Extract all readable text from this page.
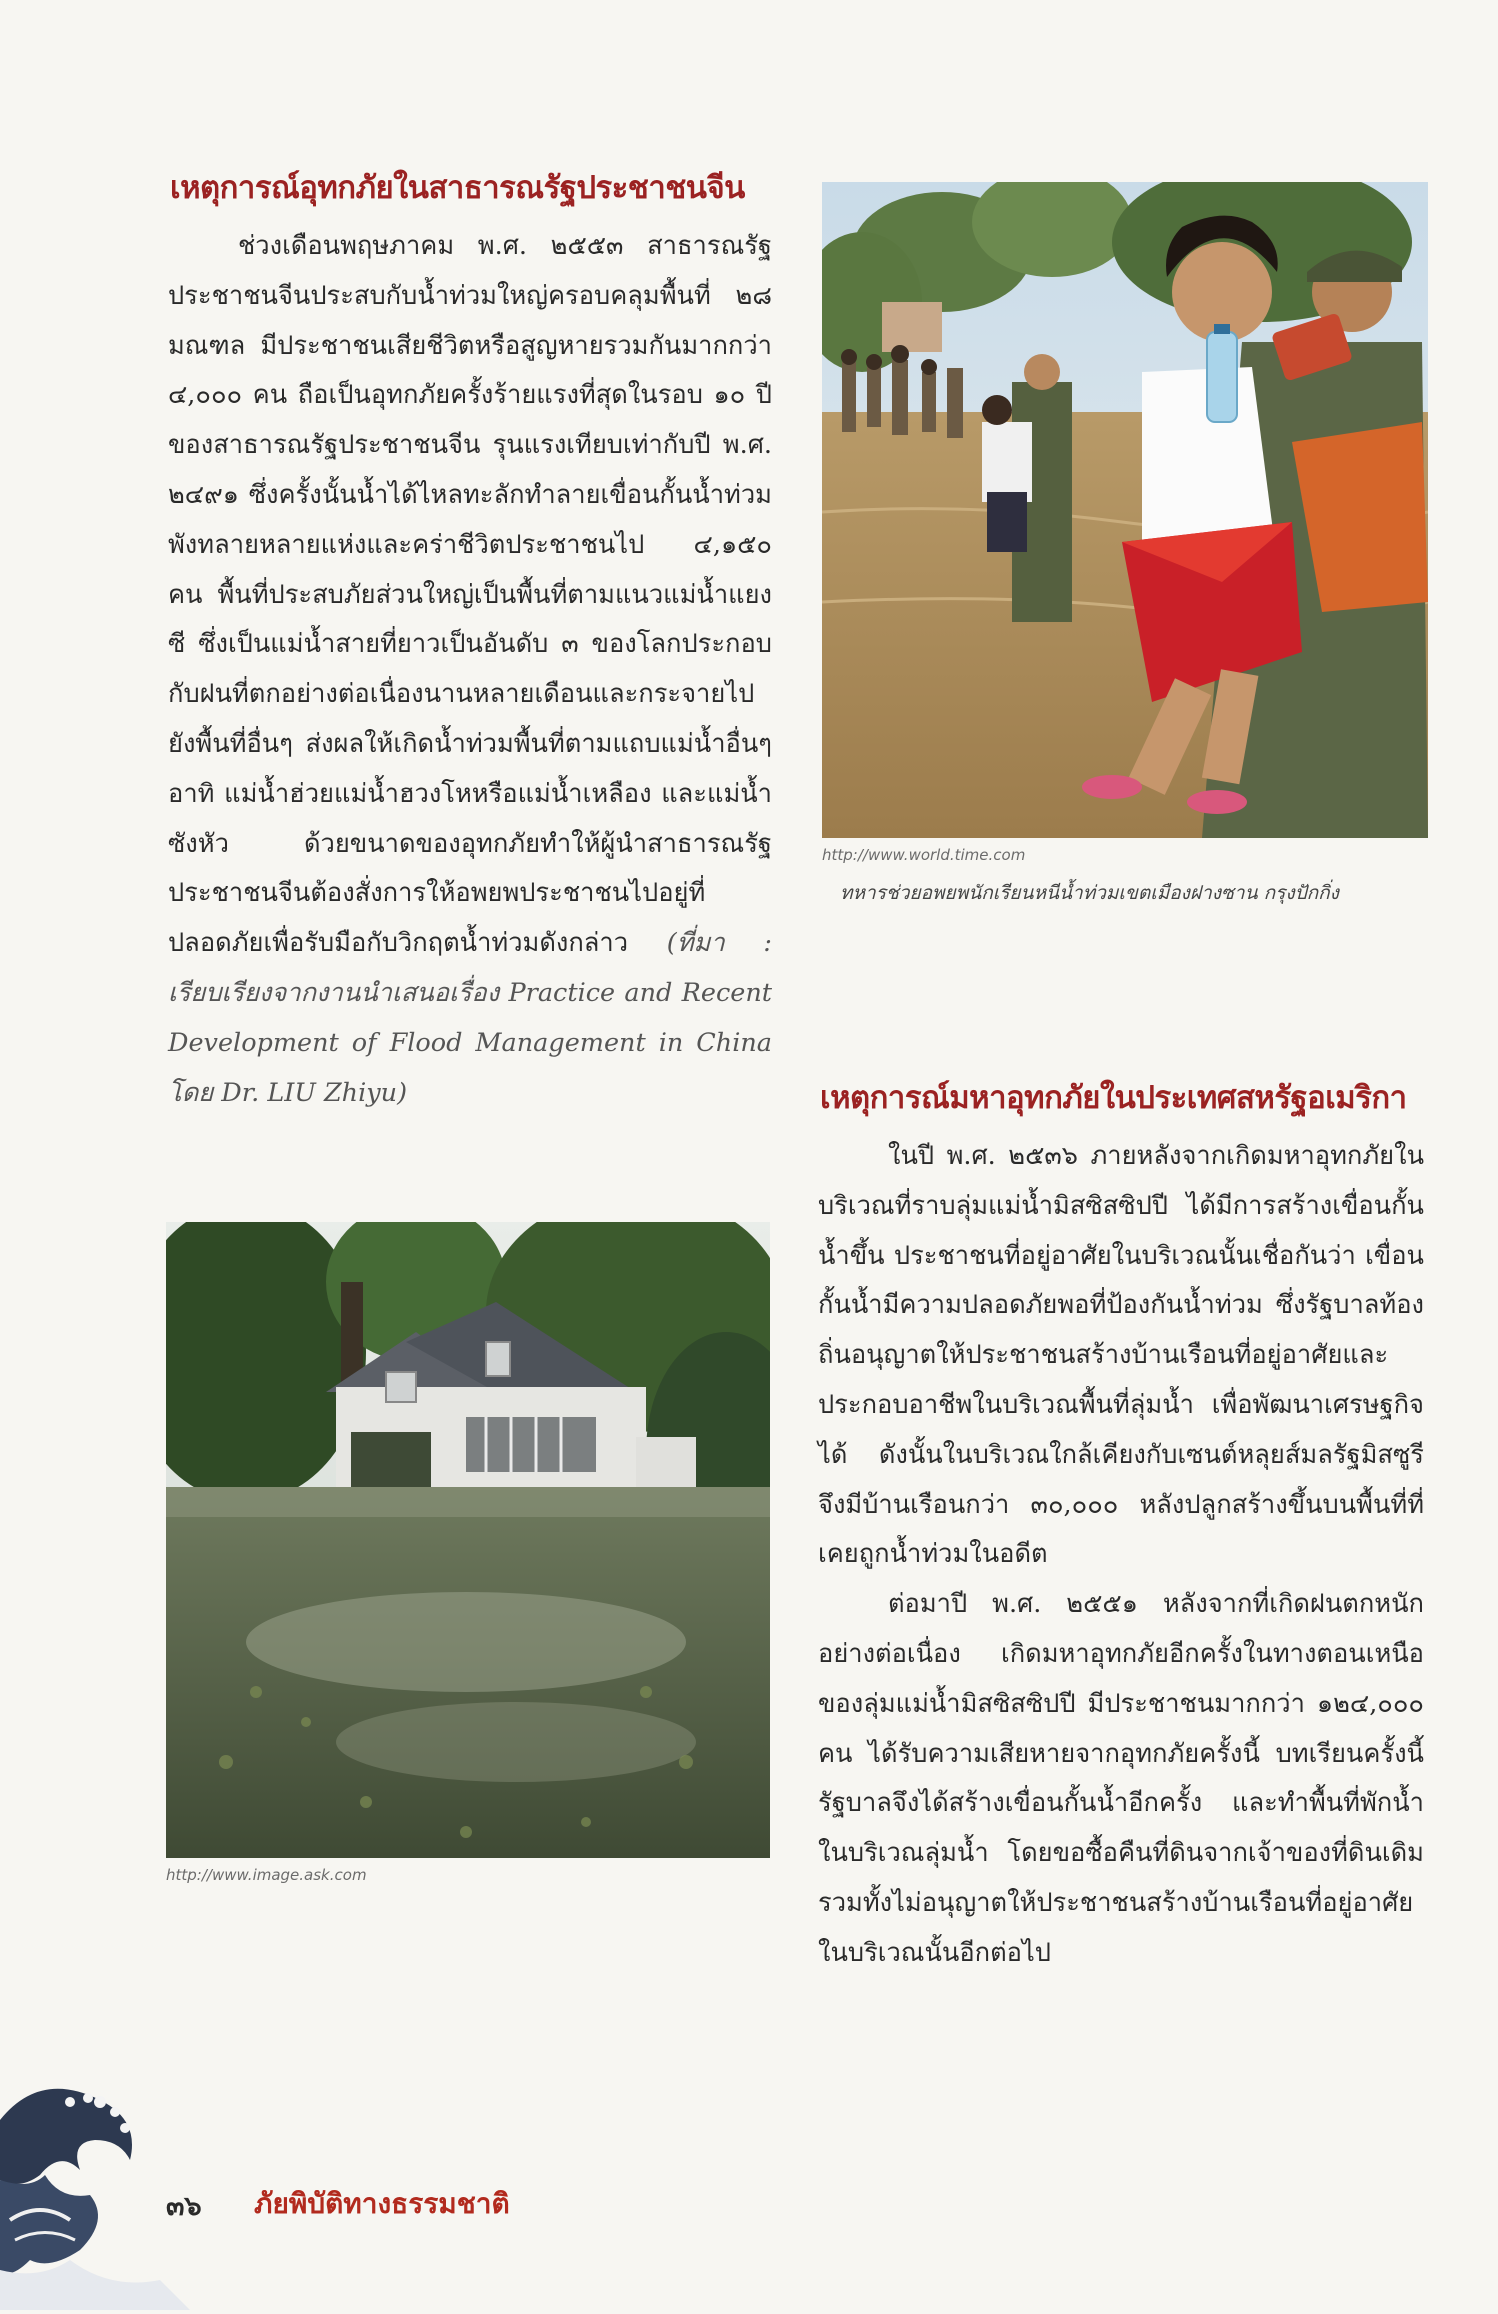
เหตุการณ์อุทกภัยในสาธารณรัฐประชาชนจีน

ช่วงเดือนพฤษภาคม พ.ศ. ๒๕๕๓ สาธารณรัฐประชาชนจีนประสบกับน้ำท่วมใหญ่ครอบคลุมพื้นที่ ๒๘ มณฑล มีประชาชนเสียชีวิตหรือสูญหายรวมกันมากกว่า ๔,๐๐๐ คน ถือเป็นอุทกภัยครั้งร้ายแรงที่สุดในรอบ ๑๐ ปี ของสาธารณรัฐประชาชนจีน รุนแรงเทียบเท่ากับปี พ.ศ. ๒๔๙๑ ซึ่งครั้งนั้นน้ำได้ไหลทะลักทำลายเขื่อนกั้นน้ำท่วมพังทลายหลายแห่งและคร่าชีวิตประชาชนไป ๔,๑๕๐ คน พื้นที่ประสบภัยส่วนใหญ่เป็นพื้นที่ตามแนวแม่น้ำแยงซี ซึ่งเป็นแม่น้ำสายที่ยาวเป็นอันดับ ๓ ของโลกประกอบกับฝนที่ตกอย่างต่อเนื่องนานหลายเดือนและกระจายไปยังพื้นที่อื่นๆ ส่งผลให้เกิดน้ำท่วมพื้นที่ตามแถบแม่น้ำอื่นๆ อาทิ แม่น้ำฮ่วยแม่น้ำฮวงโหหรือแม่น้ำเหลือง และแม่น้ำซังหัว ด้วยขนาดของอุทกภัยทำให้ผู้นำสาธารณรัฐประชาชนจีนต้องสั่งการให้อพยพประชาชนไปอยู่ที่ปลอดภัยเพื่อรับมือกับวิกฤตน้ำท่วมดังกล่าว (ที่มา : เรียบเรียงจากงานนำเสนอเรื่อง Practice and Recent Development of Flood Management in China โดย Dr. LIU Zhiyu)

http://www.world.time.com
ทหารช่วยอพยพนักเรียนหนีน้ำท่วมเขตเมืองฝางซาน กรุงปักกิ่ง
http://www.image.ask.com
เหตุการณ์มหาอุทกภัยในประเทศสหรัฐอเมริกา

ในปี พ.ศ. ๒๕๓๖ ภายหลังจากเกิดมหาอุทกภัยในบริเวณที่ราบลุ่มแม่น้ำมิสซิสซิปปี ได้มีการสร้างเขื่อนกั้นน้ำขึ้น ประชาชนที่อยู่อาศัยในบริเวณนั้นเชื่อกันว่า เขื่อนกั้นน้ำมีความปลอดภัยพอที่ป้องกันน้ำท่วม ซึ่งรัฐบาลท้องถิ่นอนุญาตให้ประชาชนสร้างบ้านเรือนที่อยู่อาศัยและประกอบอาชีพในบริเวณพื้นที่ลุ่มน้ำ เพื่อพัฒนาเศรษฐกิจได้ ดังนั้นในบริเวณใกล้เคียงกับเซนต์หลุยส์มลรัฐมิสซูรีจึงมีบ้านเรือนกว่า ๓๐,๐๐๐ หลังปลูกสร้างขึ้นบนพื้นที่ที่เคยถูกน้ำท่วมในอดีต

ต่อมาปี พ.ศ. ๒๕๕๑ หลังจากที่เกิดฝนตกหนักอย่างต่อเนื่อง เกิดมหาอุทกภัยอีกครั้งในทางตอนเหนือของลุ่มแม่น้ำมิสซิสซิปปี มีประชาชนมากกว่า ๑๒๔,๐๐๐ คน ได้รับความเสียหายจากอุทกภัยครั้งนี้ บทเรียนครั้งนี้รัฐบาลจึงได้สร้างเขื่อนกั้นน้ำอีกครั้ง และทำพื้นที่พักน้ำในบริเวณลุ่มน้ำ โดยขอซื้อคืนที่ดินจากเจ้าของที่ดินเดิม รวมทั้งไม่อนุญาตให้ประชาชนสร้างบ้านเรือนที่อยู่อาศัยในบริเวณนั้นอีกต่อไป

๓๖ ภัยพิบัติทางธรรมชาติ
